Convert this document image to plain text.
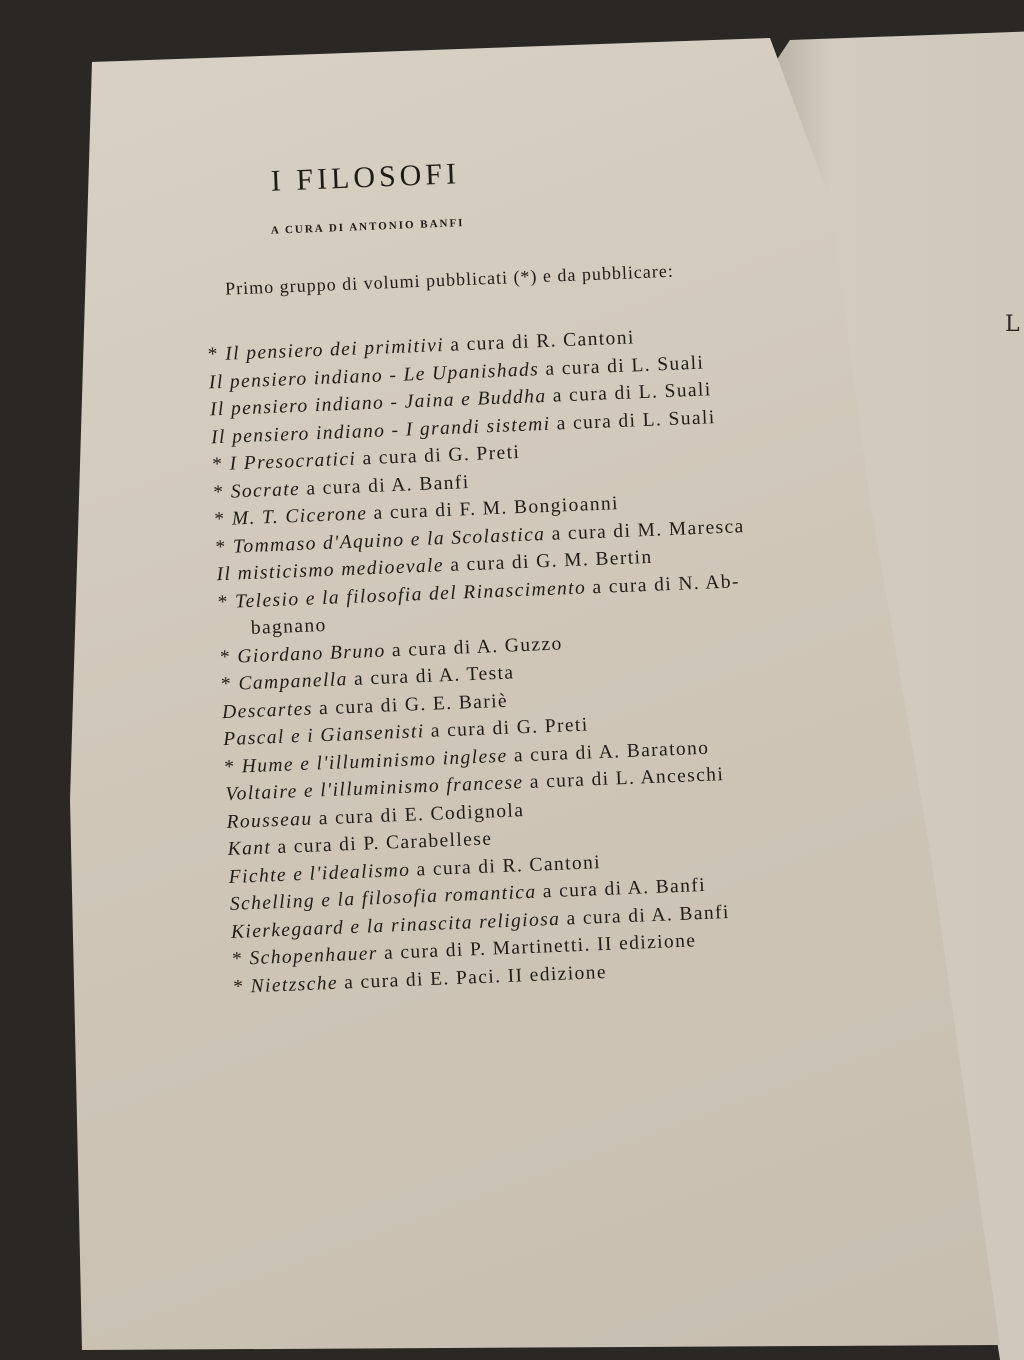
L
I FILOSOFI
A CURA DI ANTONIO BANFI
Primo gruppo di volumi pubblicati (*) e da pubblicare:
* Il pensiero dei primitivi a cura di R. Cantoni
Il pensiero indiano - Le Upanishads a cura di L. Suali
Il pensiero indiano - Jaina e Buddha a cura di L. Suali
Il pensiero indiano - I grandi sistemi a cura di L. Suali
* I Presocratici a cura di G. Preti
* Socrate a cura di A. Banfi
* M. T. Cicerone a cura di F. M. Bongioanni
* Tommaso d'Aquino e la Scolastica a cura di M. Maresca
Il misticismo medioevale a cura di G. M. Bertin
* Telesio e la filosofia del Rinascimento a cura di N. Ab-
bagnano
* Giordano Bruno a cura di A. Guzzo
* Campanella a cura di A. Testa
Descartes a cura di G. E. Bariè
Pascal e i Giansenisti a cura di G. Preti
* Hume e l'illuminismo inglese a cura di A. Baratono
Voltaire e l'illuminismo francese a cura di L. Anceschi
Rousseau a cura di E. Codignola
Kant a cura di P. Carabellese
Fichte e l'idealismo a cura di R. Cantoni
Schelling e la filosofia romantica a cura di A. Banfi
Kierkegaard e la rinascita religiosa a cura di A. Banfi
* Schopenhauer a cura di P. Martinetti. II edizione
* Nietzsche a cura di E. Paci. II edizione
